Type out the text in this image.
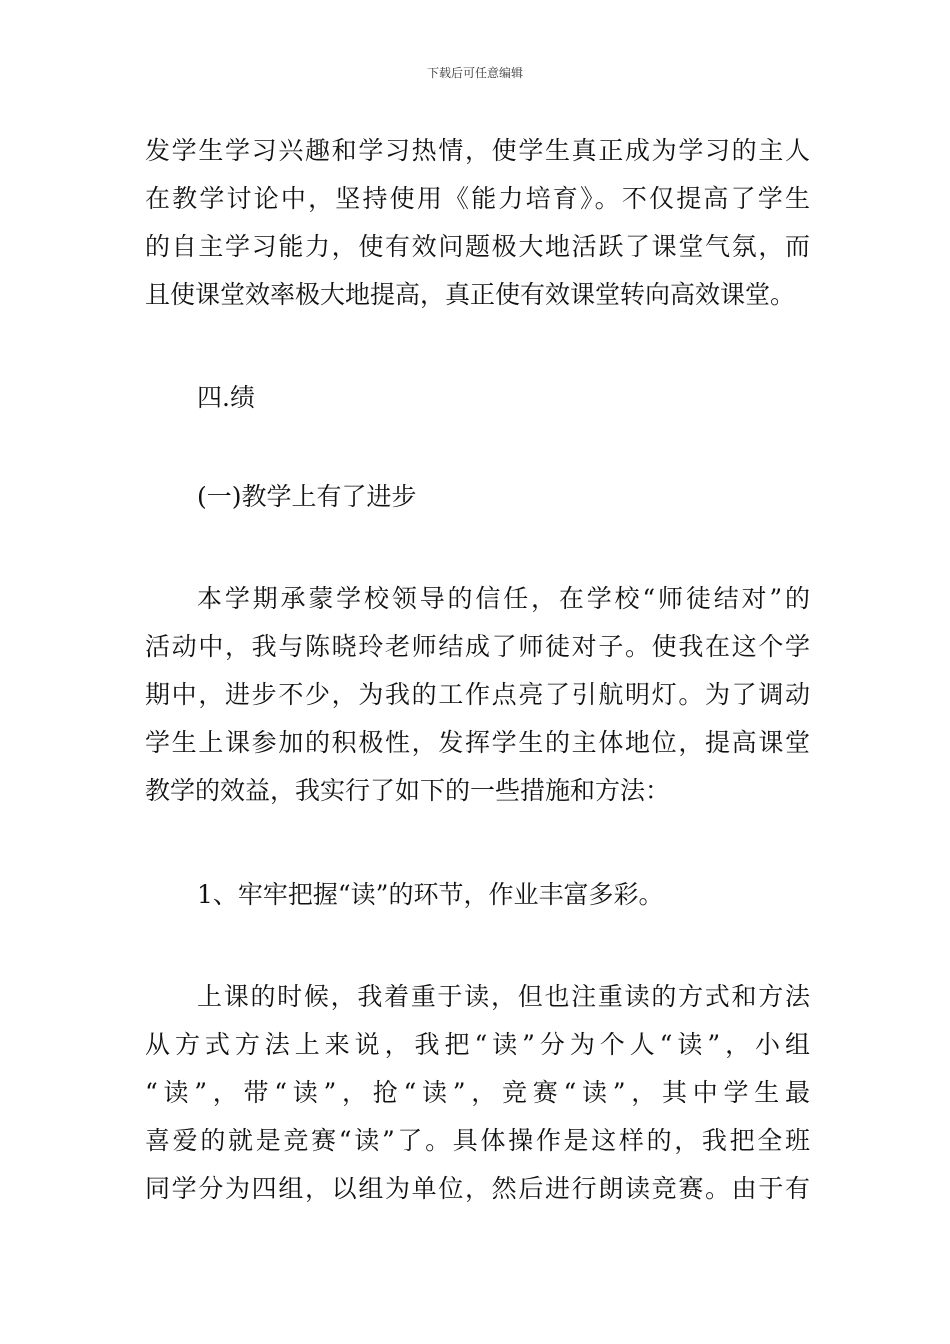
下载后可任意编辑
发学生学习兴趣和学习热情，使学生真正成为学习的主人
在教学讨论中，坚持使用《能力培育》。不仅提高了学生
的自主学习能力，使有效问题极大地活跃了课堂气氛，而
且使课堂效率极大地提高，真正使有效课堂转向高效课堂。
四.绩
(一)教学上有了进步
本学期承蒙学校领导的信任，在学校“师徒结对”的
活动中，我与陈晓玲老师结成了师徒对子。使我在这个学
期中，进步不少，为我的工作点亮了引航明灯。为了调动
学生上课参加的积极性，发挥学生的主体地位，提高课堂
教学的效益，我实行了如下的一些措施和方法：
1、牢牢把握“读”的环节，作业丰富多彩。
上课的时候，我着重于读，但也注重读的方式和方法
从方式方法上来说，我把“读”分为个人“读”，小组
“读”，带“读”，抢“读”，竞赛“读”，其中学生最
喜爱的就是竞赛“读”了。具体操作是这样的，我把全班
同学分为四组，以组为单位，然后进行朗读竞赛。由于有
